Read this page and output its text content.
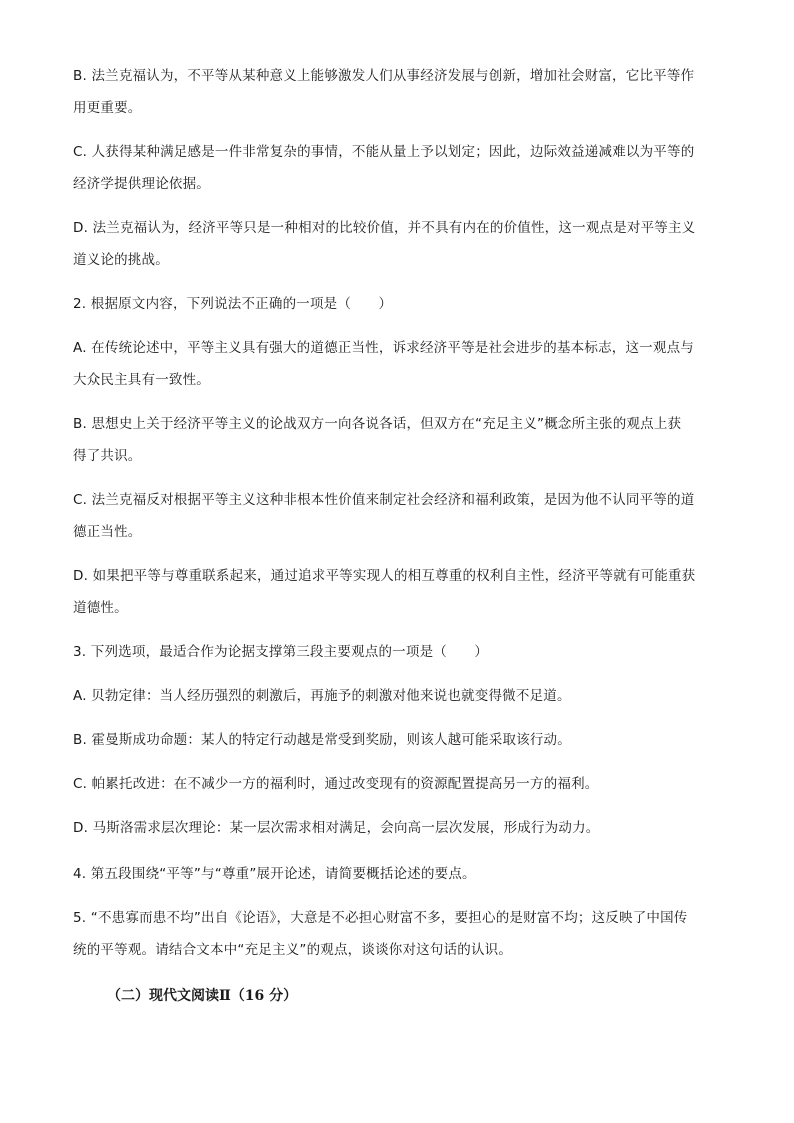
B. 法兰克福认为，不平等从某种意义上能够激发人们从事经济发展与创新，增加社会财富，它比平等作
用更重要。
C. 人获得某种满足感是一件非常复杂的事情，不能从量上予以划定；因此，边际效益递减难以为平等的
经济学提供理论依据。
D. 法兰克福认为，经济平等只是一种相对的比较价值，并不具有内在的价值性，这一观点是对平等主义
道义论的挑战。
2. 根据原文内容，下列说法不正确的一项是（　　）
A. 在传统论述中，平等主义具有强大的道德正当性，诉求经济平等是社会进步的基本标志，这一观点与
大众民主具有一致性。
B. 思想史上关于经济平等主义的论战双方一向各说各话，但双方在“充足主义”概念所主张的观点上获
得了共识。
C. 法兰克福反对根据平等主义这种非根本性价值来制定社会经济和福利政策，是因为他不认同平等的道
德正当性。
D. 如果把平等与尊重联系起来，通过追求平等实现人的相互尊重的权利自主性，经济平等就有可能重获
道德性。
3. 下列选项，最适合作为论据支撑第三段主要观点的一项是（　　）
A. 贝勃定律：当人经历强烈的刺激后，再施予的刺激对他来说也就变得微不足道。
B. 霍曼斯成功命题：某人的特定行动越是常受到奖励，则该人越可能采取该行动。
C. 帕累托改进：在不减少一方的福利时，通过改变现有的资源配置提高另一方的福利。
D. 马斯洛需求层次理论：某一层次需求相对满足，会向高一层次发展，形成行为动力。
4. 第五段围绕“平等”与“尊重”展开论述，请简要概括论述的要点。
5. “不患寡而患不均”出自《论语》，大意是不必担心财富不多，要担心的是财富不均；这反映了中国传
统的平等观。请结合文本中“充足主义”的观点，谈谈你对这句话的认识。
（二）现代文阅读Ⅱ（16 分）
